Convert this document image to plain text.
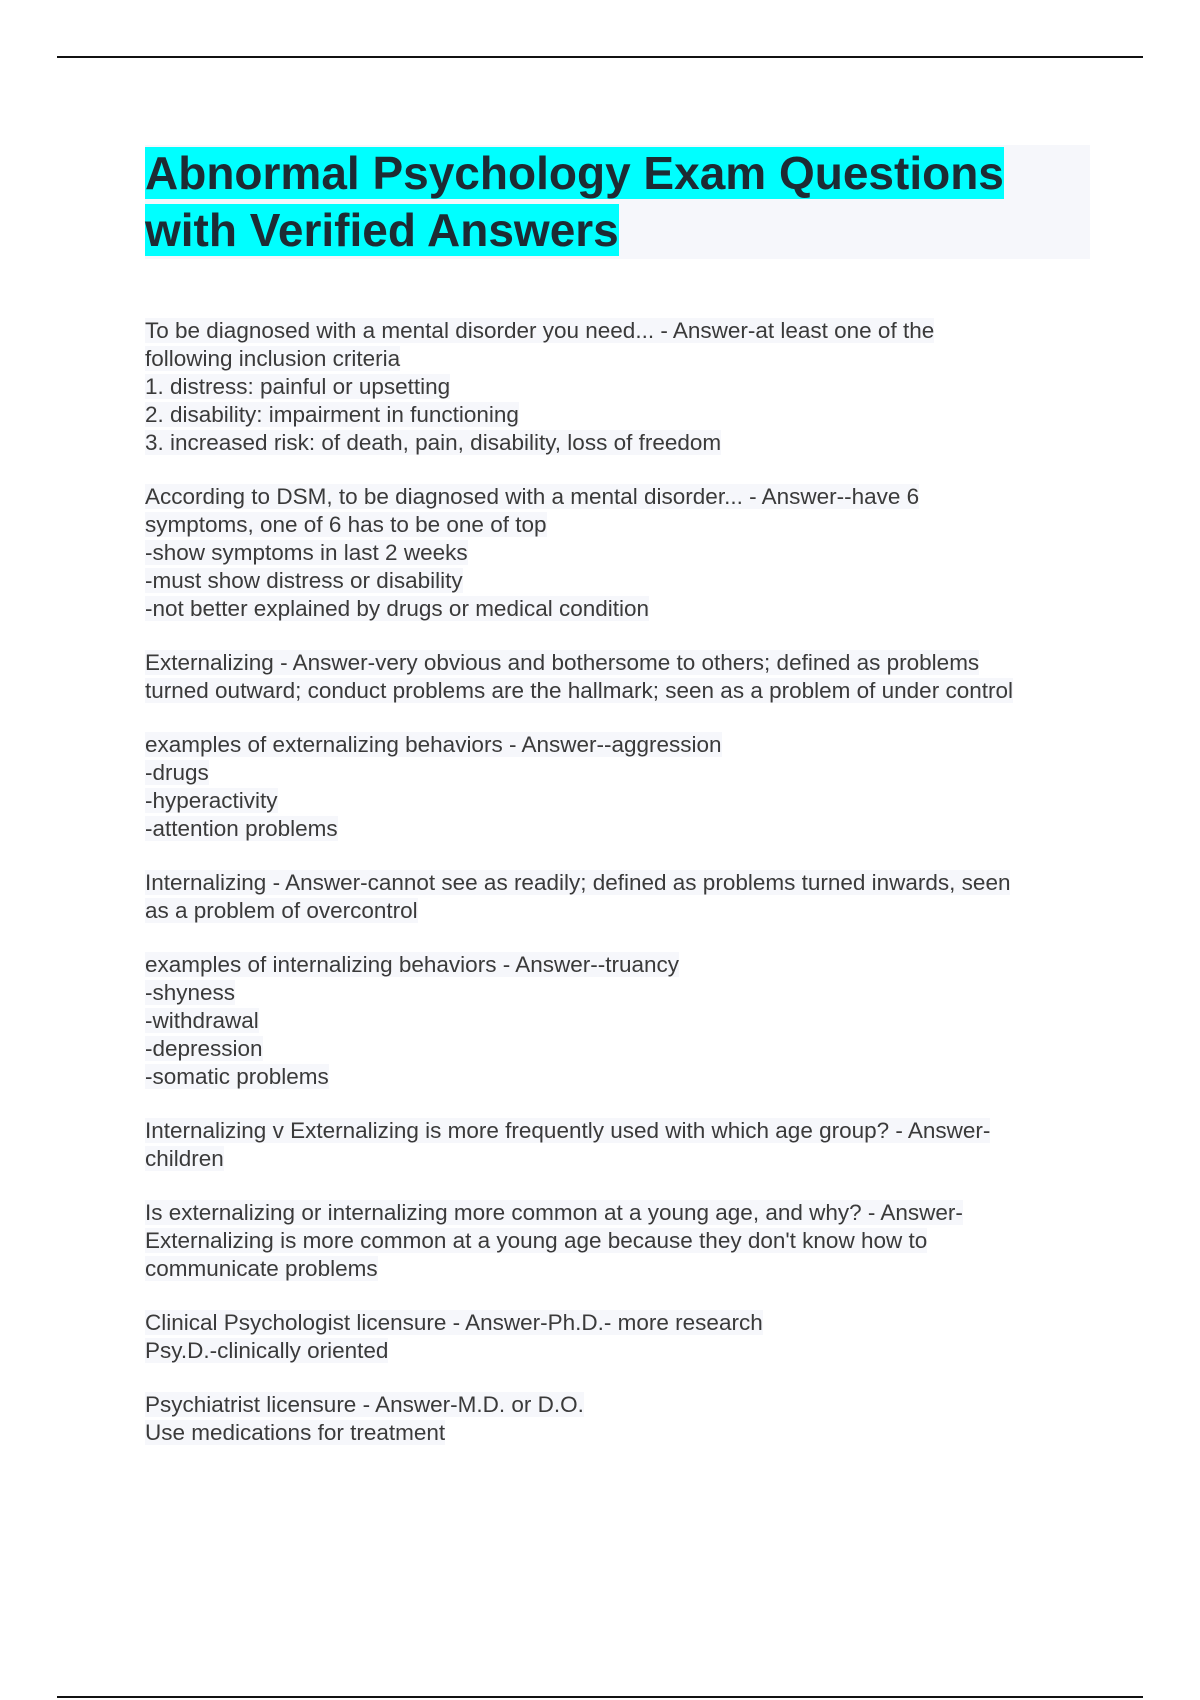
Abnormal Psychology Exam Questions
with Verified Answers
To be diagnosed with a mental disorder you need... - Answer-at least one of the
following inclusion criteria
1. distress: painful or upsetting
2. disability: impairment in functioning
3. increased risk: of death, pain, disability, loss of freedom
According to DSM, to be diagnosed with a mental disorder... - Answer--have 6
symptoms, one of 6 has to be one of top
-show symptoms in last 2 weeks
-must show distress or disability
-not better explained by drugs or medical condition
Externalizing - Answer-very obvious and bothersome to others; defined as problems
turned outward; conduct problems are the hallmark; seen as a problem of under control
examples of externalizing behaviors - Answer--aggression
-drugs
-hyperactivity
-attention problems
Internalizing - Answer-cannot see as readily; defined as problems turned inwards, seen
as a problem of overcontrol
examples of internalizing behaviors - Answer--truancy
-shyness
-withdrawal
-depression
-somatic problems
Internalizing v Externalizing is more frequently used with which age group? - Answer-
children
Is externalizing or internalizing more common at a young age, and why? - Answer-
Externalizing is more common at a young age because they don't know how to
communicate problems
Clinical Psychologist licensure - Answer-Ph.D.- more research
Psy.D.-clinically oriented
Psychiatrist licensure - Answer-M.D. or D.O.
Use medications for treatment
